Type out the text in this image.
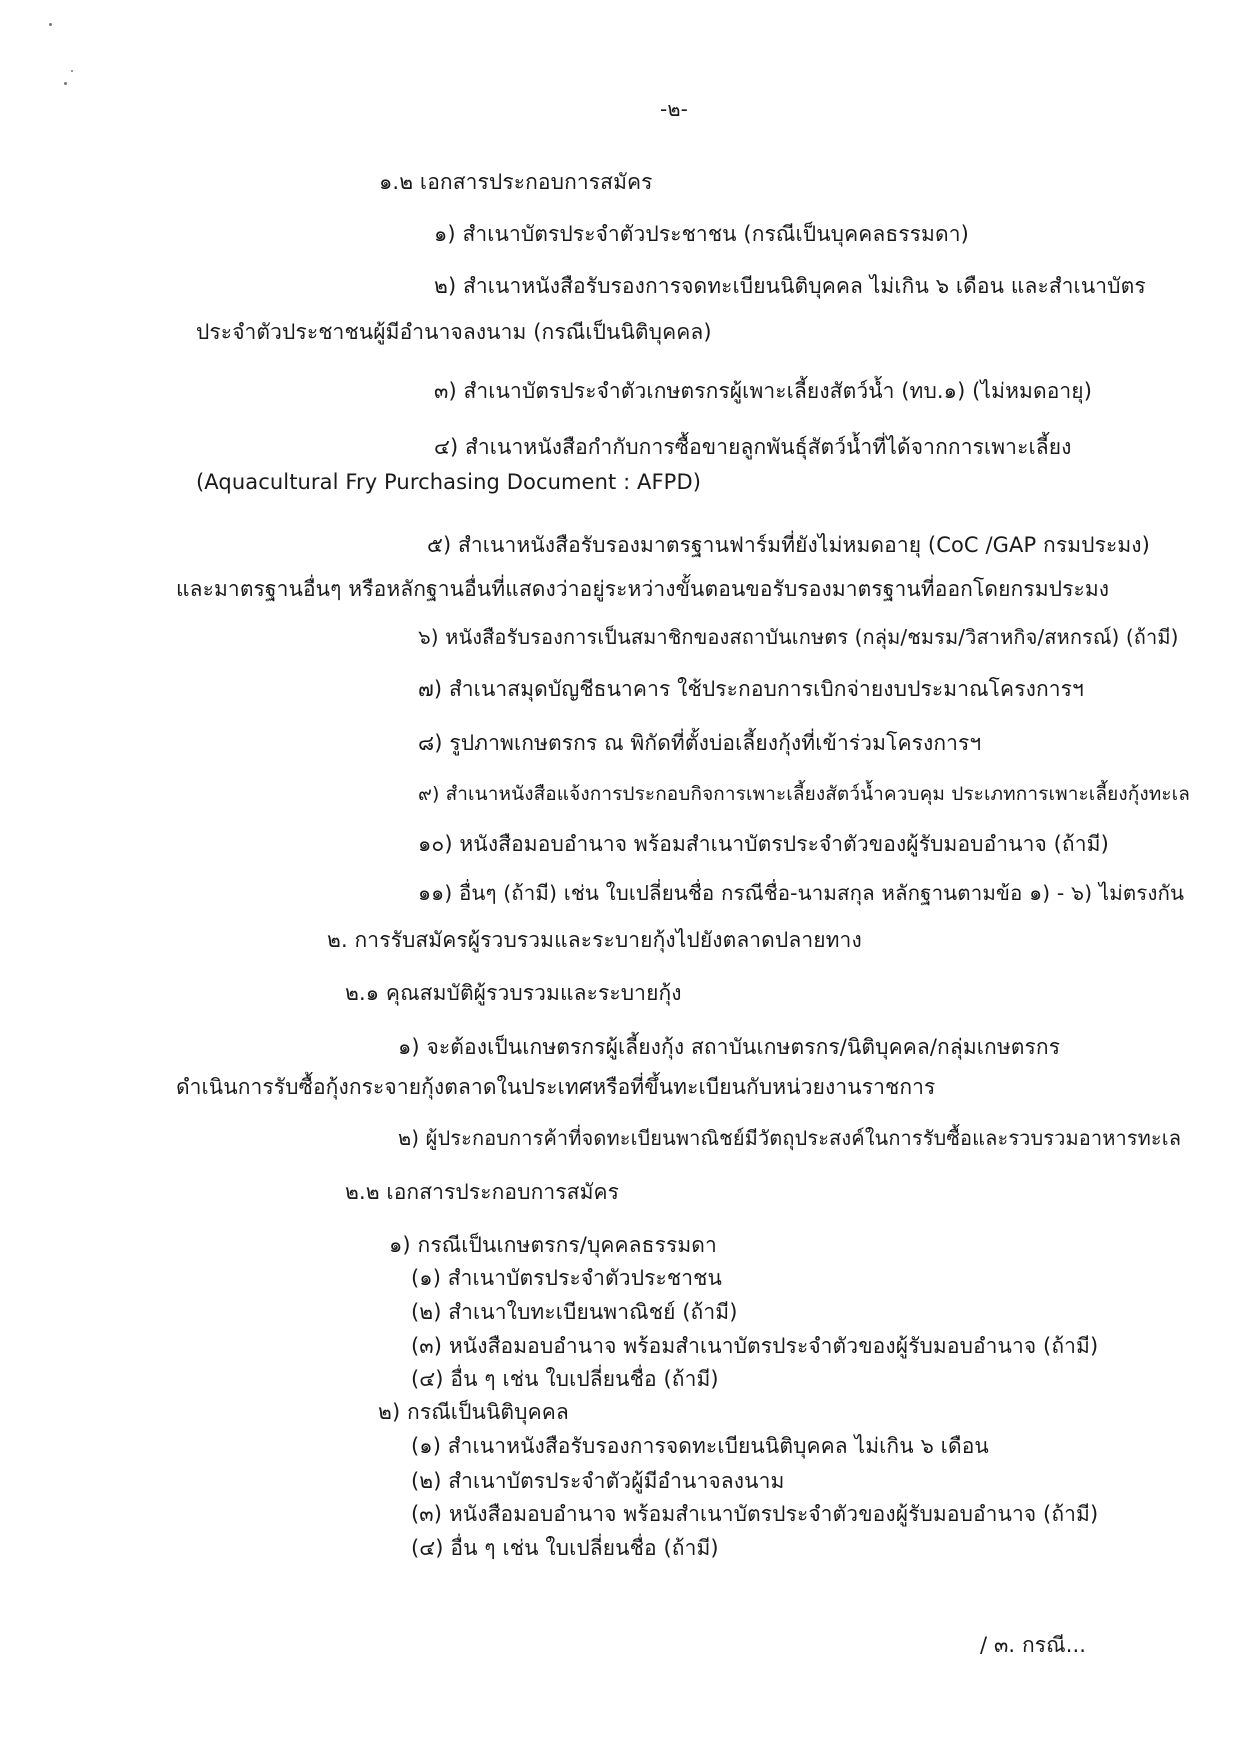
-๒-

๑.๒ เอกสารประกอบการสมัคร

๑) สำเนาบัตรประจำตัวประชาชน (กรณีเป็นบุคคลธรรมดา)

๒) สำเนาหนังสือรับรองการจดทะเบียนนิติบุคคล ไม่เกิน ๖ เดือน และสำเนาบัตร

ประจำตัวประชาชนผู้มีอำนาจลงนาม (กรณีเป็นนิติบุคคล)

๓) สำเนาบัตรประจำตัวเกษตรกรผู้เพาะเลี้ยงสัตว์น้ำ (ทบ.๑) (ไม่หมดอายุ)

๔) สำเนาหนังสือกำกับการซื้อขายลูกพันธุ์สัตว์น้ำที่ได้จากการเพาะเลี้ยง

(Aquacultural Fry Purchasing Document : AFPD)

๕) สำเนาหนังสือรับรองมาตรฐานฟาร์มที่ยังไม่หมดอายุ (CoC /GAP กรมประมง)

และมาตรฐานอื่นๆ หรือหลักฐานอื่นที่แสดงว่าอยู่ระหว่างขั้นตอนขอรับรองมาตรฐานที่ออกโดยกรมประมง

๖) หนังสือรับรองการเป็นสมาชิกของสถาบันเกษตร (กลุ่ม/ชมรม/วิสาหกิจ/สหกรณ์) (ถ้ามี)

๗) สำเนาสมุดบัญชีธนาคาร ใช้ประกอบการเบิกจ่ายงบประมาณโครงการฯ

๘) รูปภาพเกษตรกร ณ พิกัดที่ตั้งบ่อเลี้ยงกุ้งที่เข้าร่วมโครงการฯ

๙) สำเนาหนังสือแจ้งการประกอบกิจการเพาะเลี้ยงสัตว์น้ำควบคุม ประเภทการเพาะเลี้ยงกุ้งทะเล

๑๐) หนังสือมอบอำนาจ พร้อมสำเนาบัตรประจำตัวของผู้รับมอบอำนาจ (ถ้ามี)

๑๑) อื่นๆ (ถ้ามี) เช่น ใบเปลี่ยนชื่อ กรณีชื่อ-นามสกุล หลักฐานตามข้อ ๑) - ๖) ไม่ตรงกัน

๒. การรับสมัครผู้รวบรวมและระบายกุ้งไปยังตลาดปลายทาง

๒.๑ คุณสมบัติผู้รวบรวมและระบายกุ้ง

๑) จะต้องเป็นเกษตรกรผู้เลี้ยงกุ้ง สถาบันเกษตรกร/นิติบุคคล/กลุ่มเกษตรกร

ดำเนินการรับซื้อกุ้งกระจายกุ้งตลาดในประเทศหรือที่ขึ้นทะเบียนกับหน่วยงานราชการ

๒) ผู้ประกอบการค้าที่จดทะเบียนพาณิชย์มีวัตถุประสงค์ในการรับซื้อและรวบรวมอาหารทะเล

๒.๒ เอกสารประกอบการสมัคร

๑) กรณีเป็นเกษตรกร/บุคคลธรรมดา

(๑) สำเนาบัตรประจำตัวประชาชน

(๒) สำเนาใบทะเบียนพาณิชย์ (ถ้ามี)

(๓) หนังสือมอบอำนาจ พร้อมสำเนาบัตรประจำตัวของผู้รับมอบอำนาจ (ถ้ามี)

(๔) อื่น ๆ เช่น ใบเปลี่ยนชื่อ (ถ้ามี)

๒) กรณีเป็นนิติบุคคล

(๑) สำเนาหนังสือรับรองการจดทะเบียนนิติบุคคล ไม่เกิน ๖ เดือน

(๒) สำเนาบัตรประจำตัวผู้มีอำนาจลงนาม

(๓) หนังสือมอบอำนาจ พร้อมสำเนาบัตรประจำตัวของผู้รับมอบอำนาจ (ถ้ามี)

(๔) อื่น ๆ เช่น ใบเปลี่ยนชื่อ (ถ้ามี)

/ ๓. กรณี...
